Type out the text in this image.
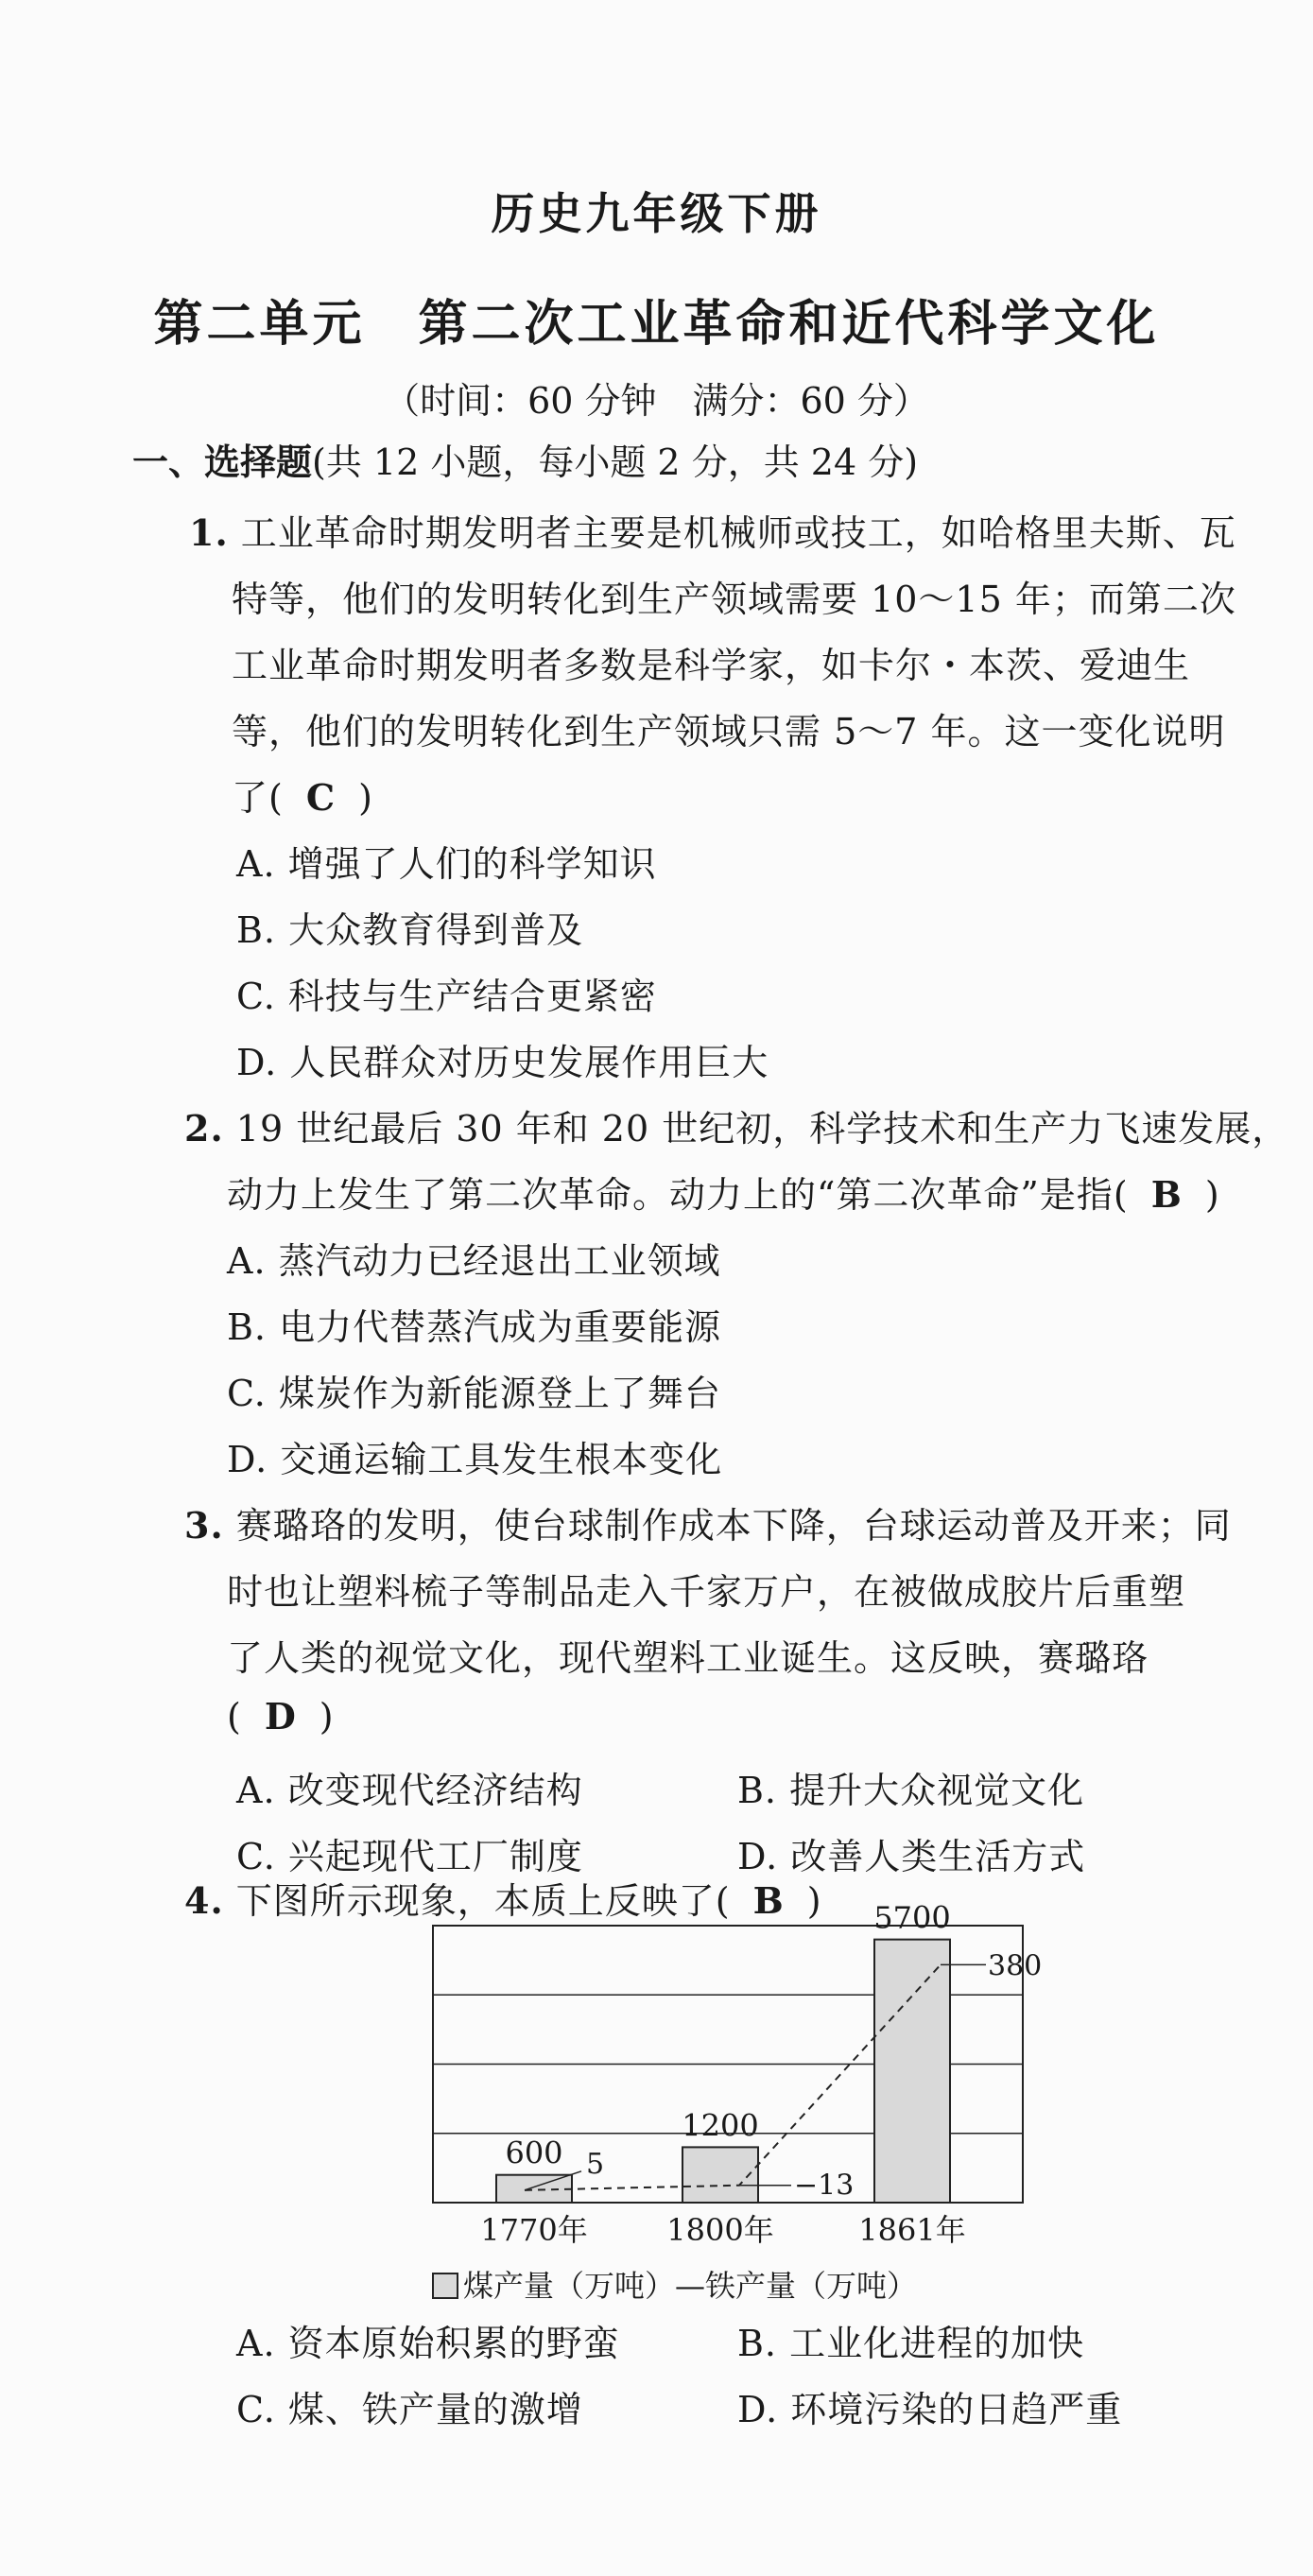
历史九年级下册
第二单元　第二次工业革命和近代科学文化
（时间：60 分钟　满分：60 分）
一、选择题(共 12 小题，每小题 2 分，共 24 分)
1. 工业革命时期发明者主要是机械师或技工，如哈格里夫斯、瓦
特等，他们的发明转化到生产领域需要 10～15 年；而第二次
工业革命时期发明者多数是科学家，如卡尔・本茨、爱迪生
等，他们的发明转化到生产领域只需 5～7 年。这一变化说明
了( C )
A. 增强了人们的科学知识
B. 大众教育得到普及
C. 科技与生产结合更紧密
D. 人民群众对历史发展作用巨大
2. 19 世纪最后 30 年和 20 世纪初，科学技术和生产力飞速发展，
动力上发生了第二次革命。动力上的“第二次革命”是指( B )
A. 蒸汽动力已经退出工业领域
B. 电力代替蒸汽成为重要能源
C. 煤炭作为新能源登上了舞台
D. 交通运输工具发生根本变化
3. 赛璐珞的发明，使台球制作成本下降，台球运动普及开来；同
时也让塑料梳子等制品走入千家万户，在被做成胶片后重塑
了人类的视觉文化，现代塑料工业诞生。这反映，赛璐珞
( D )
A. 改变现代经济结构	B. 提升大众视觉文化
C. 兴起现代工厂制度	D. 改善人类生活方式
4. 下图所示现象，本质上反映了( B )
600
1770年
1200
1800年
5700
1861年
5
−13
380
煤产量（万吨）—铁产量（万吨）
A. 资本原始积累的野蛮	B. 工业化进程的加快
C. 煤、铁产量的激增	D. 环境污染的日趋严重
